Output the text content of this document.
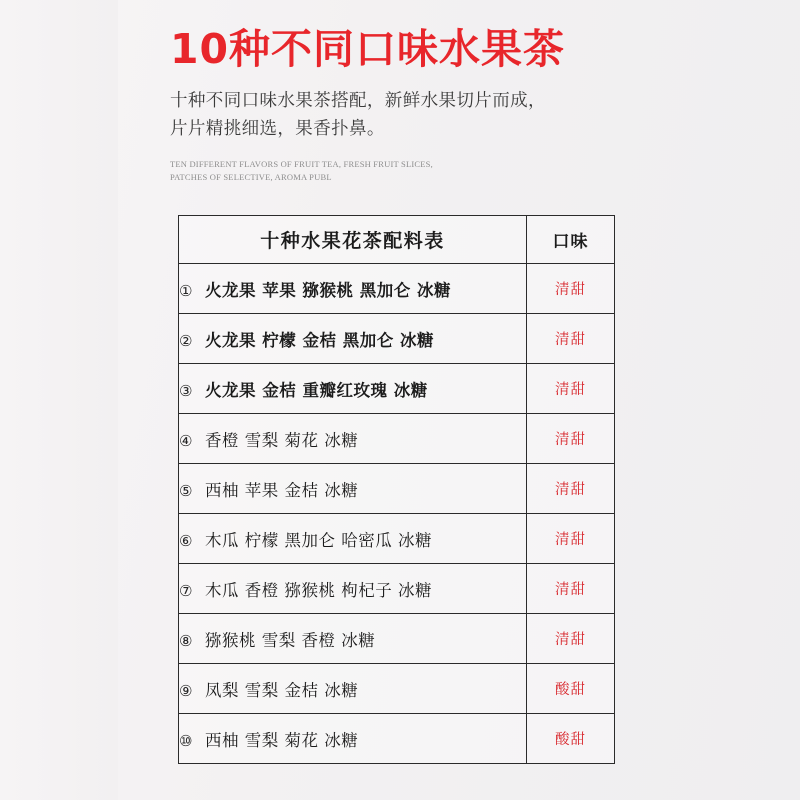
10种不同口味水果茶

十种不同口味水果茶搭配，新鲜水果切片而成，

片片精挑细选，果香扑鼻。

TEN DIFFERENT FLAVORS OF FRUIT TEA, FRESH FRUIT SLICES,
PATCHES OF SELECTIVE, AROMA PUBL
十种水果花茶配料表	口味
① 火龙果 苹果 猕猴桃 黑加仑 冰糖	清甜
② 火龙果 柠檬 金桔 黑加仑 冰糖	清甜
③ 火龙果 金桔 重瓣红玫瑰 冰糖	清甜
④ 香橙 雪梨 菊花 冰糖	清甜
⑤ 西柚 苹果 金桔 冰糖	清甜
⑥ 木瓜 柠檬 黑加仑 哈密瓜 冰糖	清甜
⑦ 木瓜 香橙 猕猴桃 枸杞子 冰糖	清甜
⑧ 猕猴桃 雪梨 香橙 冰糖	清甜
⑨ 凤梨 雪梨 金桔 冰糖	酸甜
⑩ 西柚 雪梨 菊花 冰糖	酸甜
